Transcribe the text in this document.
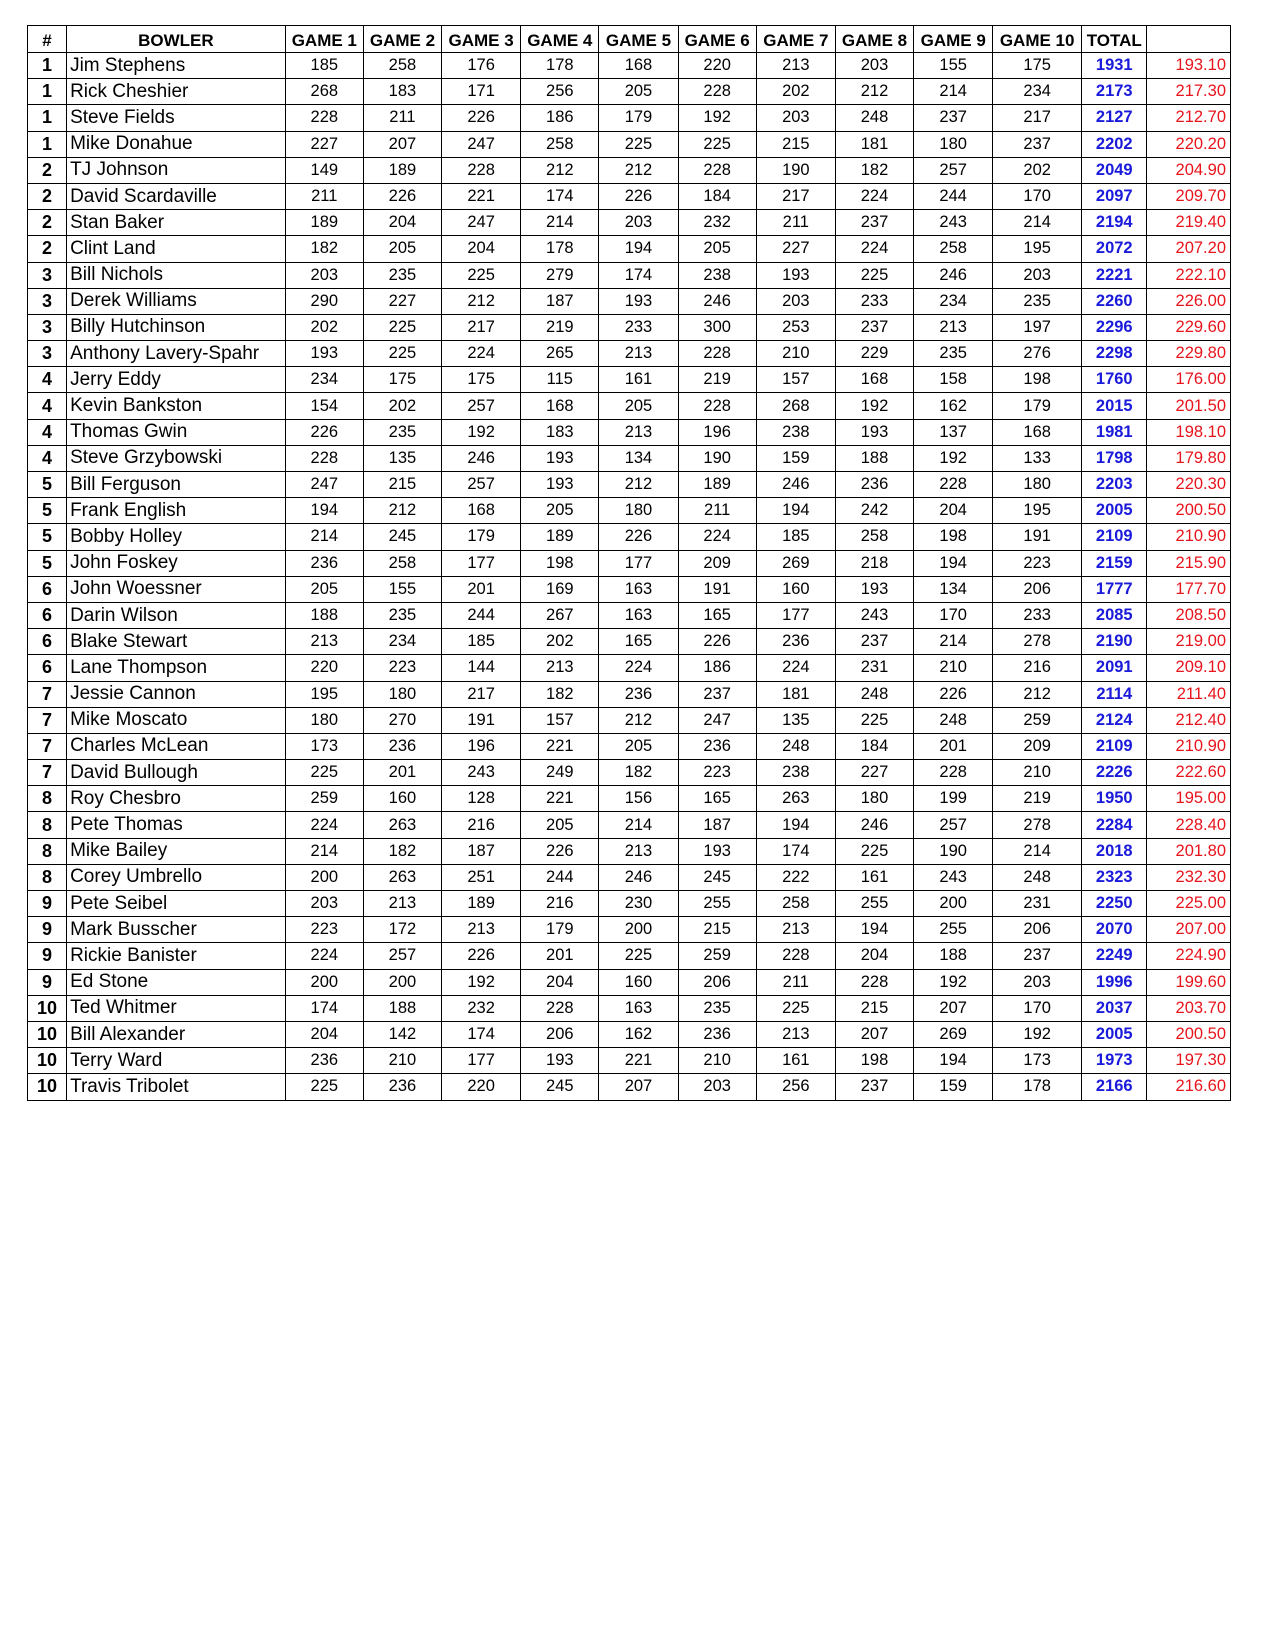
#	BOWLER	GAME 1	GAME 2	GAME 3	GAME 4	GAME 5	GAME 6	GAME 7	GAME 8	GAME 9	GAME 10	TOTAL	
1	Jim Stephens	185	258	176	178	168	220	213	203	155	175	1931	193.10
1	Rick Cheshier	268	183	171	256	205	228	202	212	214	234	2173	217.30
1	Steve Fields	228	211	226	186	179	192	203	248	237	217	2127	212.70
1	Mike Donahue	227	207	247	258	225	225	215	181	180	237	2202	220.20
2	TJ Johnson	149	189	228	212	212	228	190	182	257	202	2049	204.90
2	David Scardaville	211	226	221	174	226	184	217	224	244	170	2097	209.70
2	Stan Baker	189	204	247	214	203	232	211	237	243	214	2194	219.40
2	Clint Land	182	205	204	178	194	205	227	224	258	195	2072	207.20
3	Bill Nichols	203	235	225	279	174	238	193	225	246	203	2221	222.10
3	Derek Williams	290	227	212	187	193	246	203	233	234	235	2260	226.00
3	Billy Hutchinson	202	225	217	219	233	300	253	237	213	197	2296	229.60
3	Anthony Lavery-Spahr	193	225	224	265	213	228	210	229	235	276	2298	229.80
4	Jerry Eddy	234	175	175	115	161	219	157	168	158	198	1760	176.00
4	Kevin Bankston	154	202	257	168	205	228	268	192	162	179	2015	201.50
4	Thomas Gwin	226	235	192	183	213	196	238	193	137	168	1981	198.10
4	Steve Grzybowski	228	135	246	193	134	190	159	188	192	133	1798	179.80
5	Bill Ferguson	247	215	257	193	212	189	246	236	228	180	2203	220.30
5	Frank English	194	212	168	205	180	211	194	242	204	195	2005	200.50
5	Bobby Holley	214	245	179	189	226	224	185	258	198	191	2109	210.90
5	John Foskey	236	258	177	198	177	209	269	218	194	223	2159	215.90
6	John Woessner	205	155	201	169	163	191	160	193	134	206	1777	177.70
6	Darin Wilson	188	235	244	267	163	165	177	243	170	233	2085	208.50
6	Blake Stewart	213	234	185	202	165	226	236	237	214	278	2190	219.00
6	Lane Thompson	220	223	144	213	224	186	224	231	210	216	2091	209.10
7	Jessie Cannon	195	180	217	182	236	237	181	248	226	212	2114	211.40
7	Mike Moscato	180	270	191	157	212	247	135	225	248	259	2124	212.40
7	Charles McLean	173	236	196	221	205	236	248	184	201	209	2109	210.90
7	David Bullough	225	201	243	249	182	223	238	227	228	210	2226	222.60
8	Roy Chesbro	259	160	128	221	156	165	263	180	199	219	1950	195.00
8	Pete Thomas	224	263	216	205	214	187	194	246	257	278	2284	228.40
8	Mike Bailey	214	182	187	226	213	193	174	225	190	214	2018	201.80
8	Corey Umbrello	200	263	251	244	246	245	222	161	243	248	2323	232.30
9	Pete Seibel	203	213	189	216	230	255	258	255	200	231	2250	225.00
9	Mark Busscher	223	172	213	179	200	215	213	194	255	206	2070	207.00
9	Rickie Banister	224	257	226	201	225	259	228	204	188	237	2249	224.90
9	Ed Stone	200	200	192	204	160	206	211	228	192	203	1996	199.60
10	Ted Whitmer	174	188	232	228	163	235	225	215	207	170	2037	203.70
10	Bill Alexander	204	142	174	206	162	236	213	207	269	192	2005	200.50
10	Terry Ward	236	210	177	193	221	210	161	198	194	173	1973	197.30
10	Travis Tribolet	225	236	220	245	207	203	256	237	159	178	2166	216.60
